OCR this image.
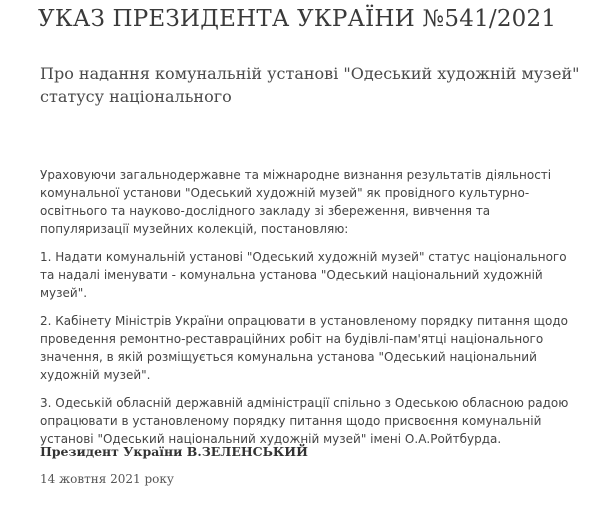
УКАЗ ПРЕЗИДЕНТА УКРАЇНИ №541/2021
Про надання комунальній установі "Одеський художній музей" статусу національного

Ураховуючи загальнодержавне та міжнародне визнання результатів діяльності комунальної установи "Одеський художній музей" як провідного культурно-освітнього та науково-дослідного закладу зі збереження, вивчення та популяризації музейних колекцій, постановляю:

1. Надати комунальній установі "Одеський художній музей" статус національного та надалі іменувати - комунальна установа "Одеський національний художній музей".

2. Кабінету Міністрів України опрацювати в установленому порядку питання щодо проведення ремонтно-реставраційних робіт на будівлі-пам'ятці національного значення, в якій розміщується комунальна установа "Одеський національний художній музей".

3. Одеській обласній державній адміністрації спільно з Одеською обласною радою опрацювати в установленому порядку питання щодо присвоєння комунальній установі "Одеський національний художній музей" імені О.А.Ройтбурда.

Президент України В.ЗЕЛЕНСЬКИЙ
14 жовтня 2021 року
